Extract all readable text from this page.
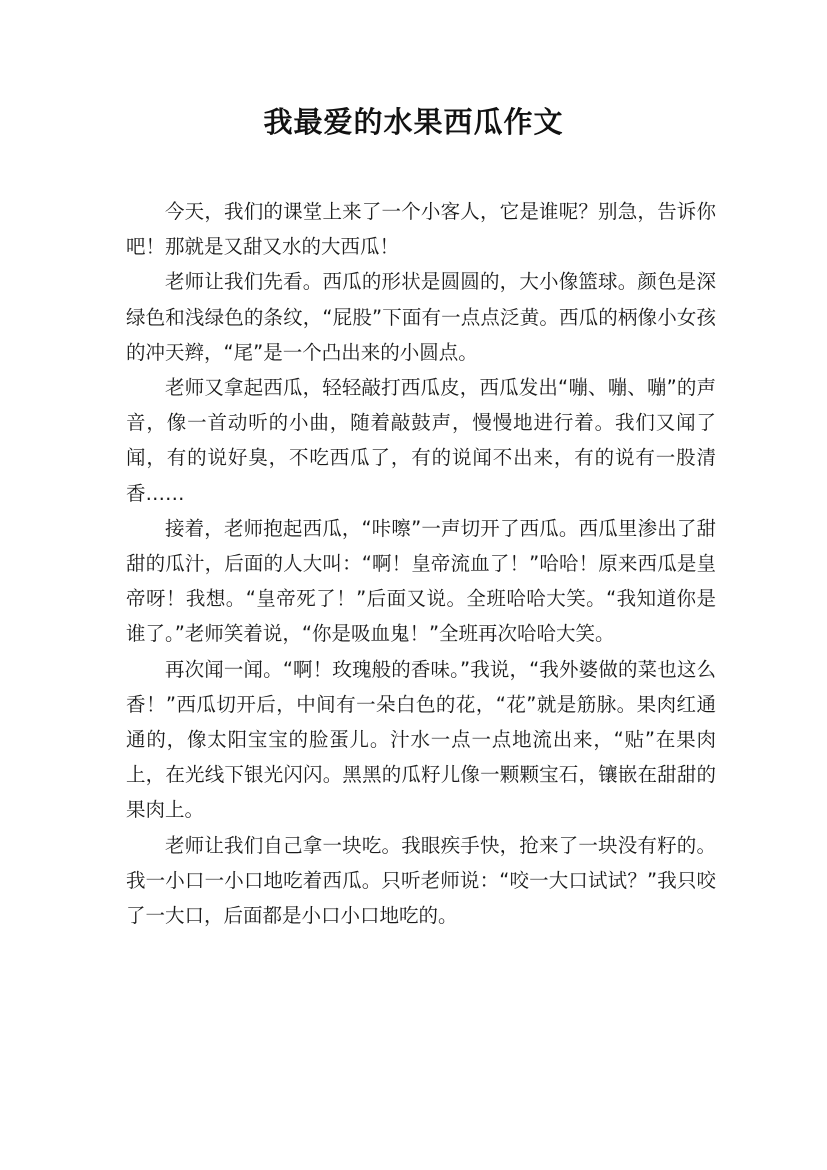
我最爱的水果西瓜作文

今天，我们的课堂上来了一个小客人，它是谁呢？别急，告诉你吧！那就是又甜又水的大西瓜！

老师让我们先看。西瓜的形状是圆圆的，大小像篮球。颜色是深绿色和浅绿色的条纹，“屁股”下面有一点点泛黄。西瓜的柄像小女孩的冲天辫，“尾”是一个凸出来的小圆点。

老师又拿起西瓜，轻轻敲打西瓜皮，西瓜发出“嘣、嘣、嘣”的声音，像一首动听的小曲，随着敲鼓声，慢慢地进行着。我们又闻了闻，有的说好臭，不吃西瓜了，有的说闻不出来，有的说有一股清香……

接着，老师抱起西瓜，“咔嚓”一声切开了西瓜。西瓜里渗出了甜甜的瓜汁，后面的人大叫：“啊！皇帝流血了！”哈哈！原来西瓜是皇帝呀！我想。“皇帝死了！”后面又说。全班哈哈大笑。“我知道你是谁了。”老师笑着说，“你是吸血鬼！”全班再次哈哈大笑。

再次闻一闻。“啊！玫瑰般的香味。”我说，“我外婆做的菜也这么香！”西瓜切开后，中间有一朵白色的花，“花”就是筋脉。果肉红通通的，像太阳宝宝的脸蛋儿。汁水一点一点地流出来，“贴”在果肉上，在光线下银光闪闪。黑黑的瓜籽儿像一颗颗宝石，镶嵌在甜甜的果肉上。

老师让我们自己拿一块吃。我眼疾手快，抢来了一块没有籽的。我一小口一小口地吃着西瓜。只听老师说：“咬一大口试试？”我只咬了一大口，后面都是小口小口地吃的。
